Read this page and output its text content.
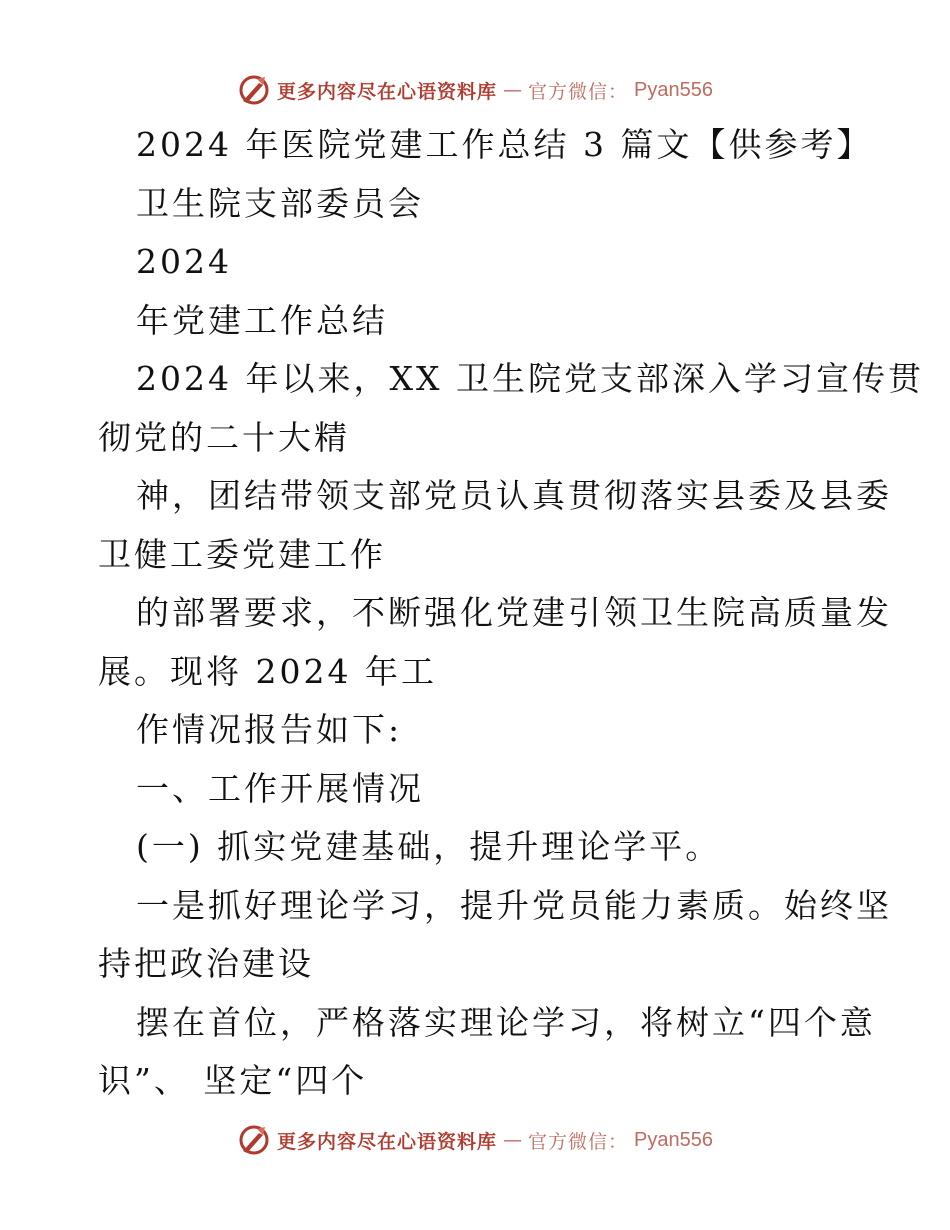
更多内容尽在心语资料库 — 官方微信： Pyan556
2024 年医院党建工作总结 3 篇文【供参考】
卫生院支部委员会
2024
年党建工作总结
2024 年以来，XX 卫生院党支部深入学习宣传贯
彻党的二十大精
神，团结带领支部党员认真贯彻落实县委及县委
卫健工委党建工作
的部署要求，不断强化党建引领卫生院高质量发
展。现将 2024 年工
作情况报告如下:
一、工作开展情况
(一) 抓实党建基础，提升理论学平。
一是抓好理论学习，提升党员能力素质。始终坚
持把政治建设
摆在首位，严格落实理论学习，将树立“四个意
识”、 坚定“四个
更多内容尽在心语资料库 — 官方微信： Pyan556
